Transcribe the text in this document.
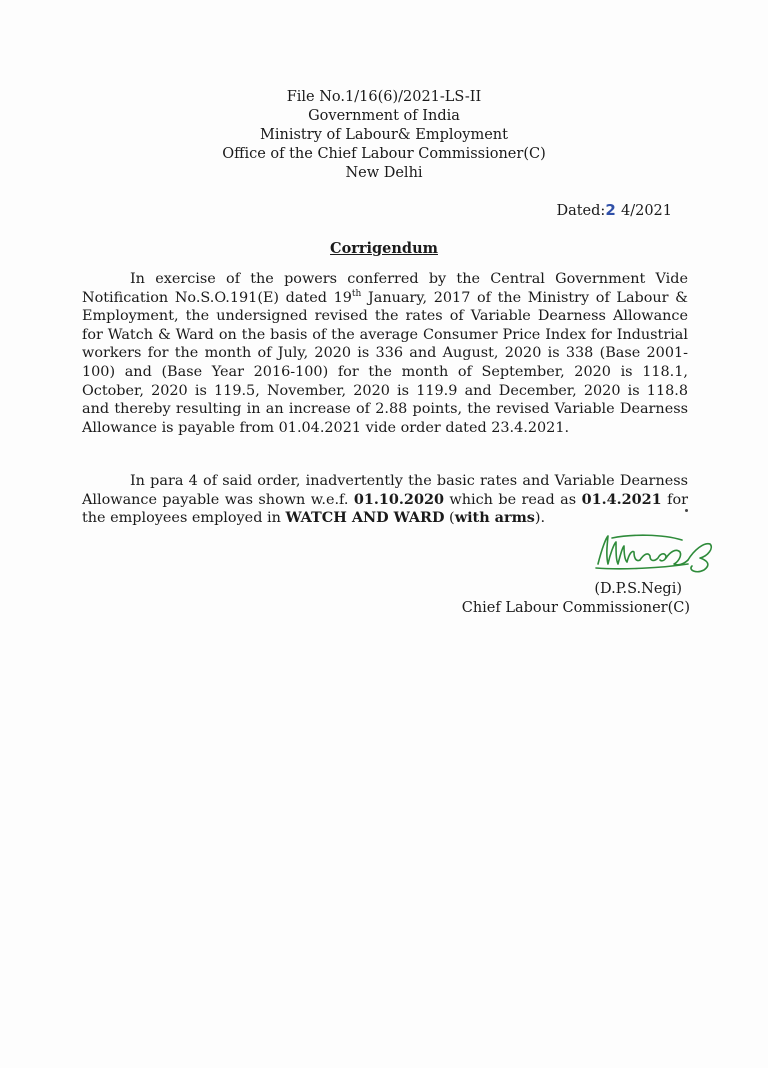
File No.1/16(6)/2021-LS-II
Government of India
Ministry of Labour& Employment
Office of the Chief Labour Commissioner(C)
New Delhi
Dated:2 4/2021
Corrigendum
In exercise of the powers conferred by the Central Government Vide Notification No.S.O.191(E) dated 19th January, 2017 of the Ministry of Labour & Employment, the undersigned revised the rates of Variable Dearness Allowance for Watch & Ward on the basis of the average Consumer Price Index for Industrial workers for the month of July, 2020 is 336 and August, 2020 is 338 (Base 2001-100) and (Base Year 2016-100) for the month of September, 2020 is 118.1, October, 2020 is 119.5, November, 2020 is 119.9 and December, 2020 is 118.8 and thereby resulting in an increase of 2.88 points, the revised Variable Dearness Allowance is payable from 01.04.2021 vide order dated 23.4.2021.
In para 4 of said order, inadvertently the basic rates and Variable Dearness Allowance payable was shown w.e.f. 01.10.2020 which be read as 01.4.2021 for the employees employed in WATCH AND WARD (with arms).
(D.P.S.Negi)
Chief Labour Commissioner(C)
